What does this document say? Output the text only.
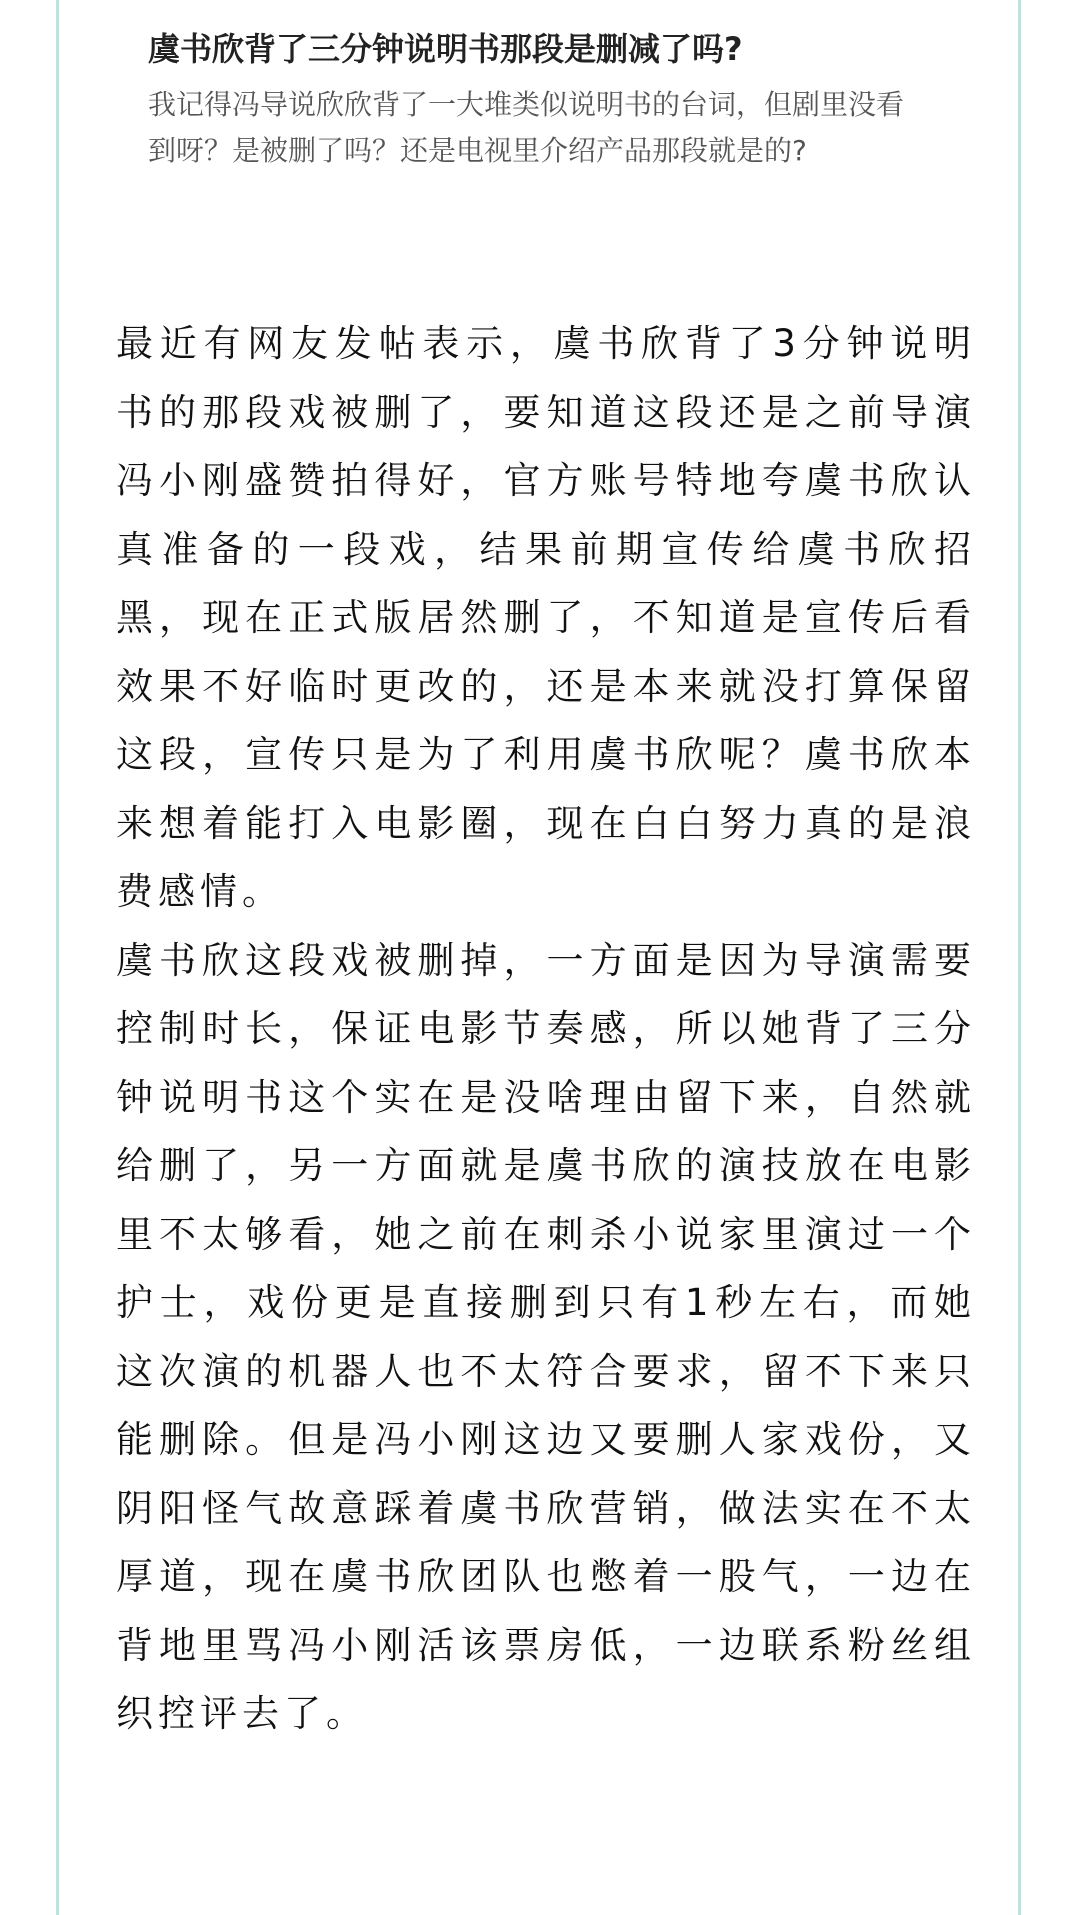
虞书欣背了三分钟说明书那段是删减了吗?

我记得冯导说欣欣背了一大堆类似说明书的台词，但剧里没看到呀？是被删了吗？还是电视里介绍产品那段就是的?

最近有网友发帖表示，虞书欣背了3分钟说明书的那段戏被删了，要知道这段还是之前导演冯小刚盛赞拍得好，官方账号特地夸虞书欣认真准备的一段戏，结果前期宣传给虞书欣招黑，现在正式版居然删了，不知道是宣传后看效果不好临时更改的，还是本来就没打算保留这段，宣传只是为了利用虞书欣呢？虞书欣本来想着能打入电影圈，现在白白努力真的是浪费感情。

虞书欣这段戏被删掉，一方面是因为导演需要控制时长，保证电影节奏感，所以她背了三分钟说明书这个实在是没啥理由留下来，自然就给删了，另一方面就是虞书欣的演技放在电影里不太够看，她之前在刺杀小说家里演过一个护士，戏份更是直接删到只有1秒左右，而她这次演的机器人也不太符合要求，留不下来只能删除。但是冯小刚这边又要删人家戏份，又阴阳怪气故意踩着虞书欣营销，做法实在不太厚道，现在虞书欣团队也憋着一股气，一边在背地里骂冯小刚活该票房低，一边联系粉丝组织控评去了。
